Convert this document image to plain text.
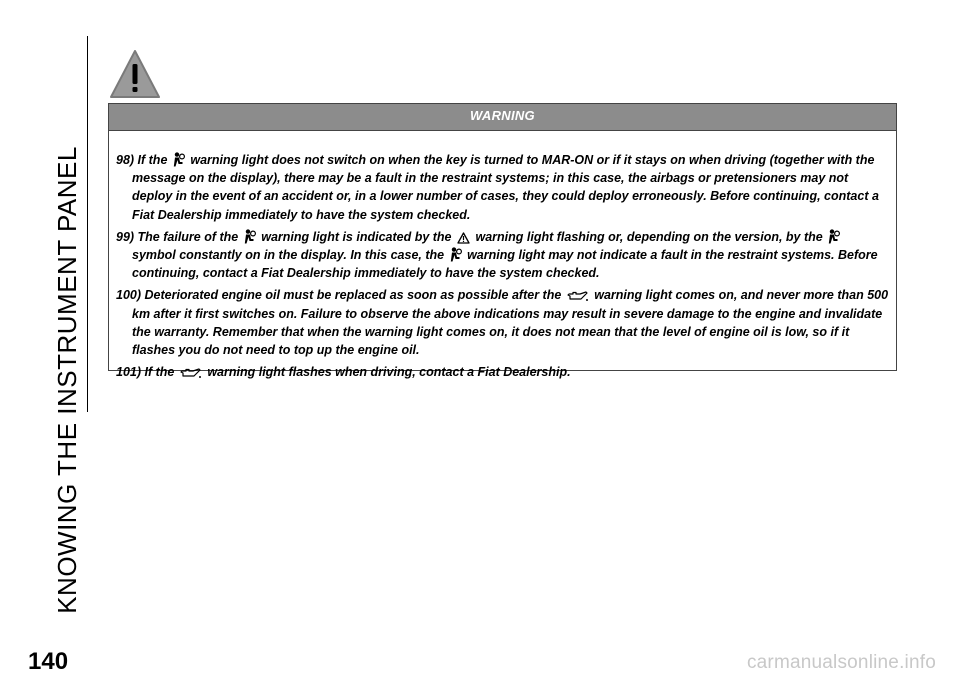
KNOWING THE INSTRUMENT PANEL
WARNING

98) If the warning light does not switch on when the key is turned to MAR-ON or if it stays on when driving (together with the message on the display), there may be a fault in the restraint systems; in this case, the airbags or pretensioners may not deploy in the event of an accident or, in a lower number of cases, they could deploy erroneously. Before continuing, contact a Fiat Dealership immediately to have the system checked.

99) The failure of the warning light is indicated by the warning light flashing or, depending on the version, by the  symbol constantly on in the display. In this case, the warning light may not indicate a fault in the restraint systems. Before continuing, contact a Fiat Dealership immediately to have the system checked.

100) Deteriorated engine oil must be replaced as soon as possible after the	warning light comes on, and never more than 500 km after it first switches on. Failure to observe the above indications may result in severe damage to the engine and invalidate the warranty. Remember that when the warning light comes on, it does not mean that the level of engine oil is low, so if it flashes you do not need to top up the engine oil.

101) If the	warning light flashes when driving, contact a Fiat Dealership.

140	carmanualsonline.info
